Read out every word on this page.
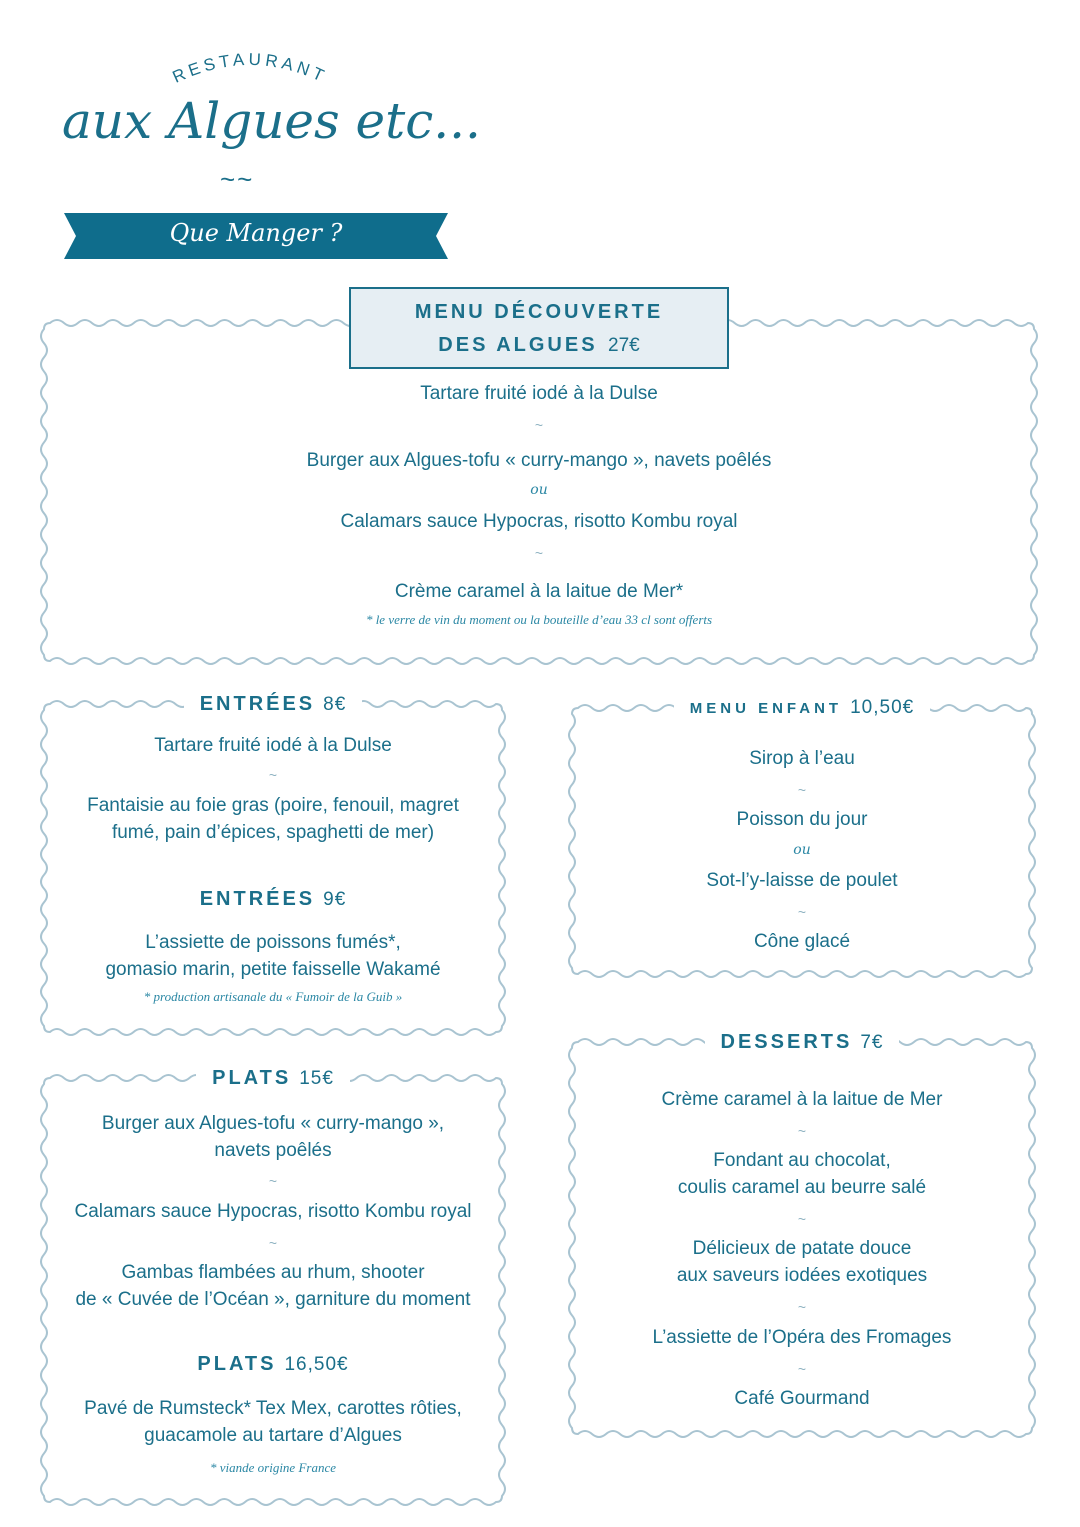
RESTAURANT
aux Algues etc...
~~
Que Manger ?
MENU DÉCOUVERTE
DES ALGUES 27€
Tartare fruité iodé à la Dulse
~
Burger aux Algues-tofu « curry-mango », navets poêlés
ou
Calamars sauce Hypocras, risotto Kombu royal
~
Crème caramel à la laitue de Mer*
* le verre de vin du moment ou la bouteille d’eau 33 cl sont offerts
ENTRÉES 8€
Tartare fruité iodé à la Dulse
~
Fantaisie au foie gras (poire, fenouil, magret
fumé, pain d’épices, spaghetti de mer)
ENTRÉES 9€
L’assiette de poissons fumés*,
gomasio marin, petite faisselle Wakamé
* production artisanale du « Fumoir de la Guib »
MENU ENFANT 10,50€
Sirop à l’eau
~
Poisson du jour
ou
Sot-l’y-laisse de poulet
~
Cône glacé
DESSERTS 7€
Crème caramel à la laitue de Mer
~
Fondant au chocolat,
coulis caramel au beurre salé
~
Délicieux de patate douce
aux saveurs iodées exotiques
~
L’assiette de l’Opéra des Fromages
~
Café Gourmand
PLATS 15€
Burger aux Algues-tofu « curry-mango »,
navets poêlés
~
Calamars sauce Hypocras, risotto Kombu royal
~
Gambas flambées au rhum, shooter
de « Cuvée de l’Océan », garniture du moment
PLATS 16,50€
Pavé de Rumsteck* Tex Mex, carottes rôties,
guacamole au tartare d’Algues
* viande origine France
